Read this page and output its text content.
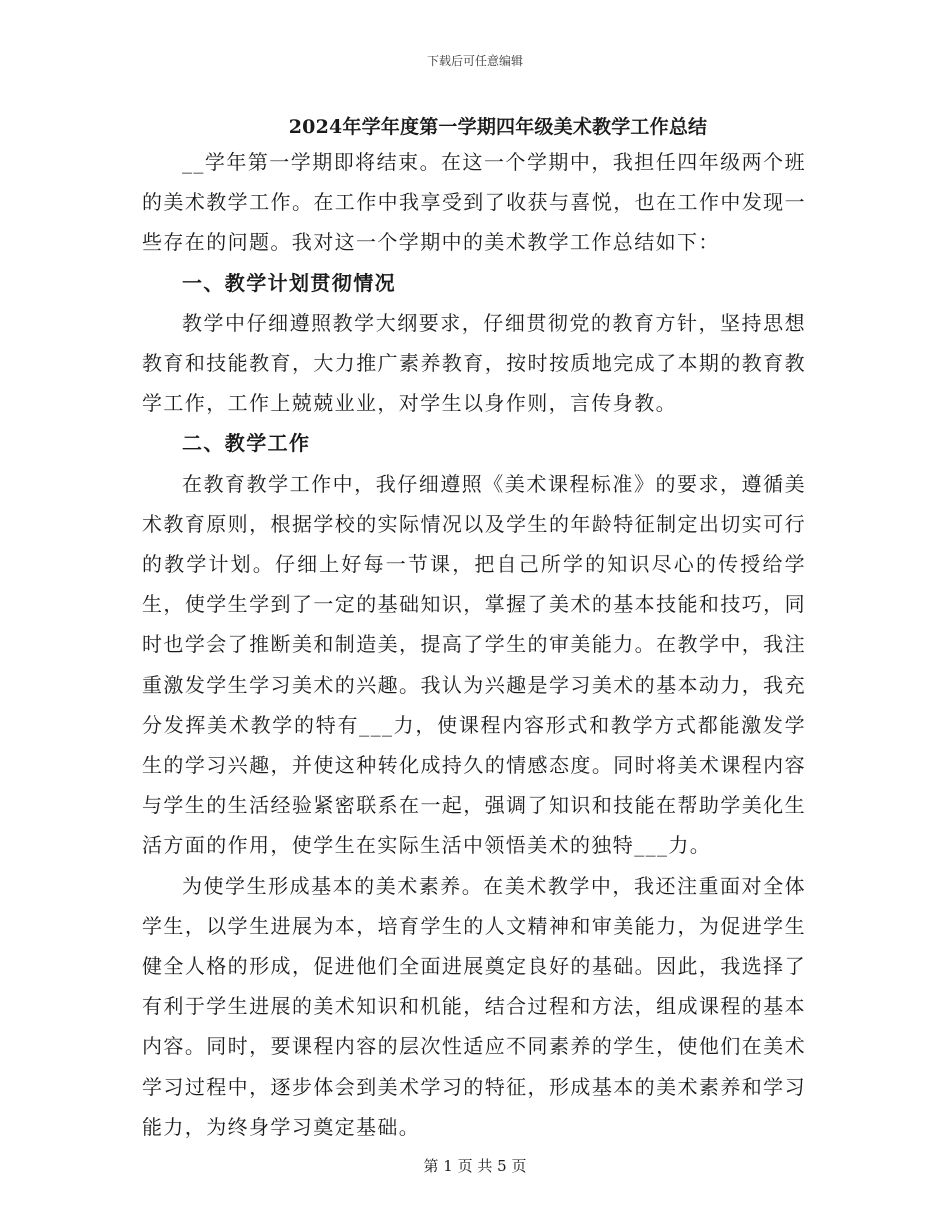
下载后可任意编辑
2024年学年度第一学期四年级美术教学工作总结

__学年第一学期即将结束。在这一个学期中，我担任四年级两个班的美术教学工作。在工作中我享受到了收获与喜悦，也在工作中发现一些存在的问题。我对这一个学期中的美术教学工作总结如下：

一、教学计划贯彻情况

教学中仔细遵照教学大纲要求，仔细贯彻党的教育方针，坚持思想教育和技能教育，大力推广素养教育，按时按质地完成了本期的教育教学工作，工作上兢兢业业，对学生以身作则，言传身教。

二、教学工作

在教育教学工作中，我仔细遵照《美术课程标准》的要求，遵循美术教育原则，根据学校的实际情况以及学生的年龄特征制定出切实可行的教学计划。仔细上好每一节课，把自己所学的知识尽心的传授给学生，使学生学到了一定的基础知识，掌握了美术的基本技能和技巧，同时也学会了推断美和制造美，提高了学生的审美能力。在教学中，我注重激发学生学习美术的兴趣。我认为兴趣是学习美术的基本动力，我充分发挥美术教学的特有___力，使课程内容形式和教学方式都能激发学生的学习兴趣，并使这种转化成持久的情感态度。同时将美术课程内容与学生的生活经验紧密联系在一起，强调了知识和技能在帮助学美化生活方面的作用，使学生在实际生活中领悟美术的独特___力。

为使学生形成基本的美术素养。在美术教学中，我还注重面对全体学生，以学生进展为本，培育学生的人文精神和审美能力，为促进学生健全人格的形成，促进他们全面进展奠定良好的基础。因此，我选择了有利于学生进展的美术知识和机能，结合过程和方法，组成课程的基本内容。同时，要课程内容的层次性适应不同素养的学生，使他们在美术学习过程中，逐步体会到美术学习的特征，形成基本的美术素养和学习能力，为终身学习奠定基础。

第 1 页 共 5 页
